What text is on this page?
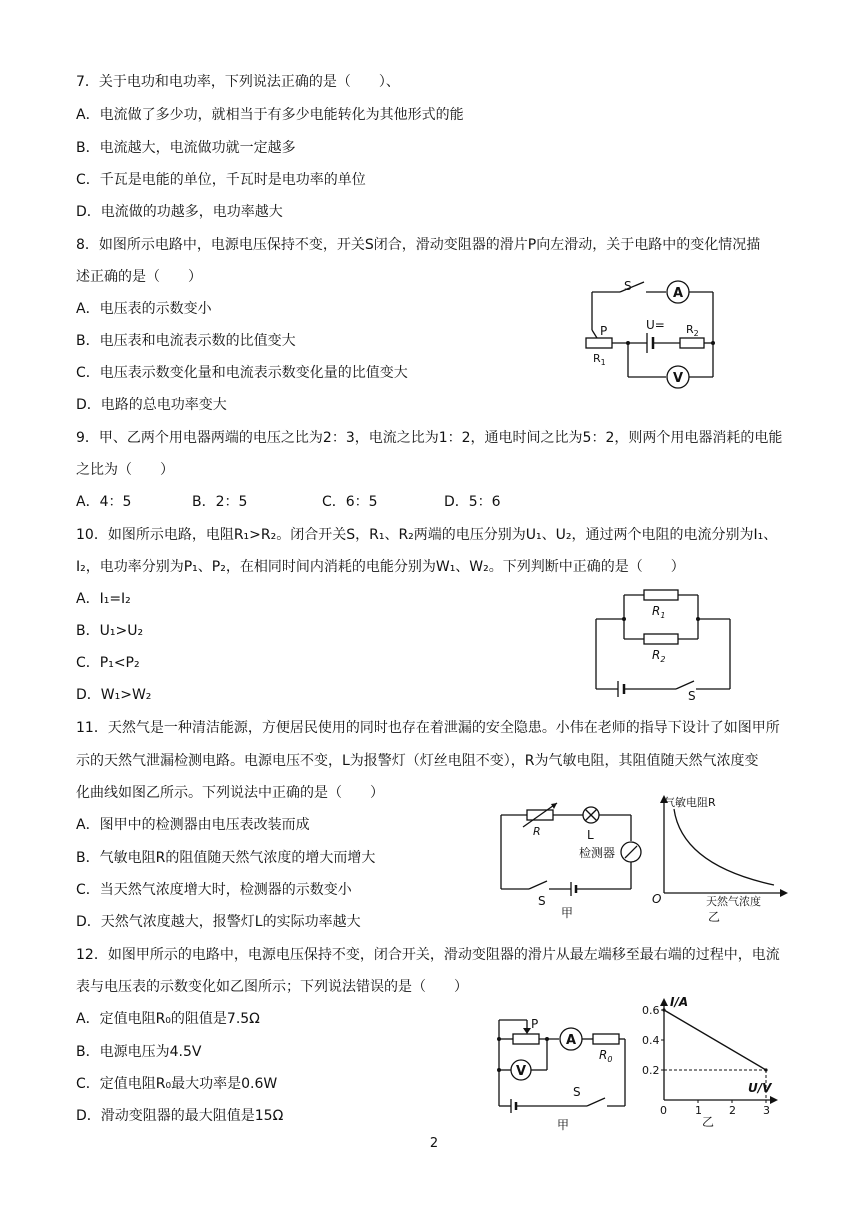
7．关于电功和电功率，下列说法正确的是（　　）、
A．电流做了多少功，就相当于有多少电能转化为其他形式的能
B．电流越大，电流做功就一定越多
C．千瓦是电能的单位，千瓦时是电功率的单位
D．电流做的功越多，电功率越大
8．如图所示电路中，电源电压保持不变，开关S闭合，滑动变阻器的滑片P向左滑动，关于电路中的变化情况描
述正确的是（　　）
A．电压表的示数变小
B．电压表和电流表示数的比值变大
C．电压表示数变化量和电流表示数变化量的比值变大
D．电路的总电功率变大
S	A
P
$R_1$
$U= R_2$
V
9．甲、乙两个用电器两端的电压之比为2：3，电流之比为1：2，通电时间之比为5：2，则两个用电器消耗的电能
之比为（　　）
A．4：5	B．2：5	C．6：5	D．5：6
10．如图所示电路，电阻R₁>R₂。闭合开关S，R₁、R₂两端的电压分别为U₁、U₂，通过两个电阻的电流分别为I₁、
I₂，电功率分别为P₁、P₂，在相同时间内消耗的电能分别为W₁、W₂。下列判断中正确的是（　　）
A．I₁=I₂
B．U₁>U₂
C．P₁<P₂
D．W₁>W₂
$R_1$
$R_2$
S
11．天然气是一种清洁能源，方便居民使用的同时也存在着泄漏的安全隐患。小伟在老师的指导下设计了如图甲所
示的天然气泄漏检测电路。电源电压不变，L为报警灯（灯丝电阻不变），R为气敏电阻，其阻值随天然气浓度变
化曲线如图乙所示。下列说法中正确的是（　　）
A．图甲中的检测器由电压表改装而成
B．气敏电阻R的阻值随天然气浓度的增大而增大
C．当天然气浓度增大时，检测器的示数变小
D．天然气浓度越大，报警灯L的实际功率越大
R	L
检测器
S
甲
气敏电阻R
O	天然气浓度
乙
12．如图甲所示的电路中，电源电压保持不变，闭合开关，滑动变阻器的滑片从最左端移至最右端的过程中，电流
表与电压表的示数变化如乙图所示；下列说法错误的是（　　）
A．定值电阻R₀的阻值是7.5Ω
B．电源电压为4.5V
C．定值电阻R₀最大功率是0.6W
D．滑动变阻器的最大阻值是15Ω
P
A
$R_0$
V
S
甲
I/A
U/V
0
乙
0.6
0.4
0.2
1 2 3
2
